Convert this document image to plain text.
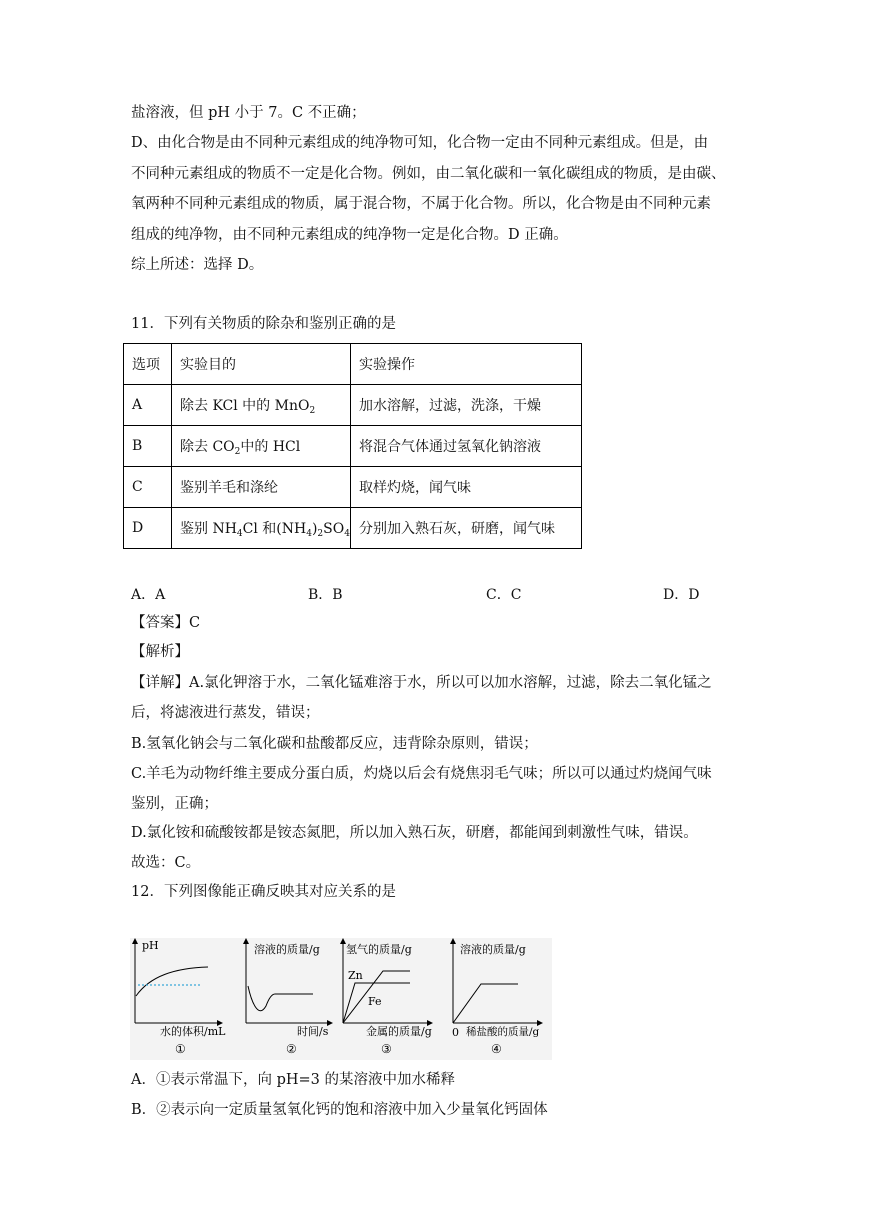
盐溶液，但 pH 小于 7。C 不正确；
D、由化合物是由不同种元素组成的纯净物可知，化合物一定由不同种元素组成。但是，由
不同种元素组成的物质不一定是化合物。例如，由二氧化碳和一氧化碳组成的物质，是由碳、
氧两种不同种元素组成的物质，属于混合物，不属于化合物。所以，化合物是由不同种元素
组成的纯净物，由不同种元素组成的纯净物一定是化合物。D 正确。
综上所述：选择 D。
11．下列有关物质的除杂和鉴别正确的是
选项	实验目的	实验操作
A	除去 KCl 中的 MnO$_2$	加水溶解，过滤，洗涤，干燥
B	除去 $CO_2$中的 HCl	将混合气体通过氢氧化钠溶液
C	鉴别羊毛和涤纶	取样灼烧，闻气味
D	鉴别 $NH_4Cl$ 和$(NH_4)_2SO_4$	分别加入熟石灰，研磨，闻气味
A．A	B．B	C．C	D．D
【答案】C
【解析】
【详解】A.氯化钾溶于水，二氧化锰难溶于水，所以可以加水溶解，过滤，除去二氧化锰之
后，将滤液进行蒸发，错误；
B.氢氧化钠会与二氧化碳和盐酸都反应，违背除杂原则，错误；
C.羊毛为动物纤维主要成分蛋白质，灼烧以后会有烧焦羽毛气味；所以可以通过灼烧闻气味
鉴别，正确；
D.氯化铵和硫酸铵都是铵态氮肥，所以加入熟石灰，研磨，都能闻到刺激性气味，错误。
故选：C。
12．下列图像能正确反映其对应关系的是
pH
水的体积/mL
①
溶液的质量/g
时间/s
②
氢气的质量/g
Zn
Fe
金属的质量/g
③
溶液的质量/g
0 稀盐酸的质量/g
④
A．①表示常温下，向 pH=3 的某溶液中加水稀释
B．②表示向一定质量氢氧化钙的饱和溶液中加入少量氧化钙固体
